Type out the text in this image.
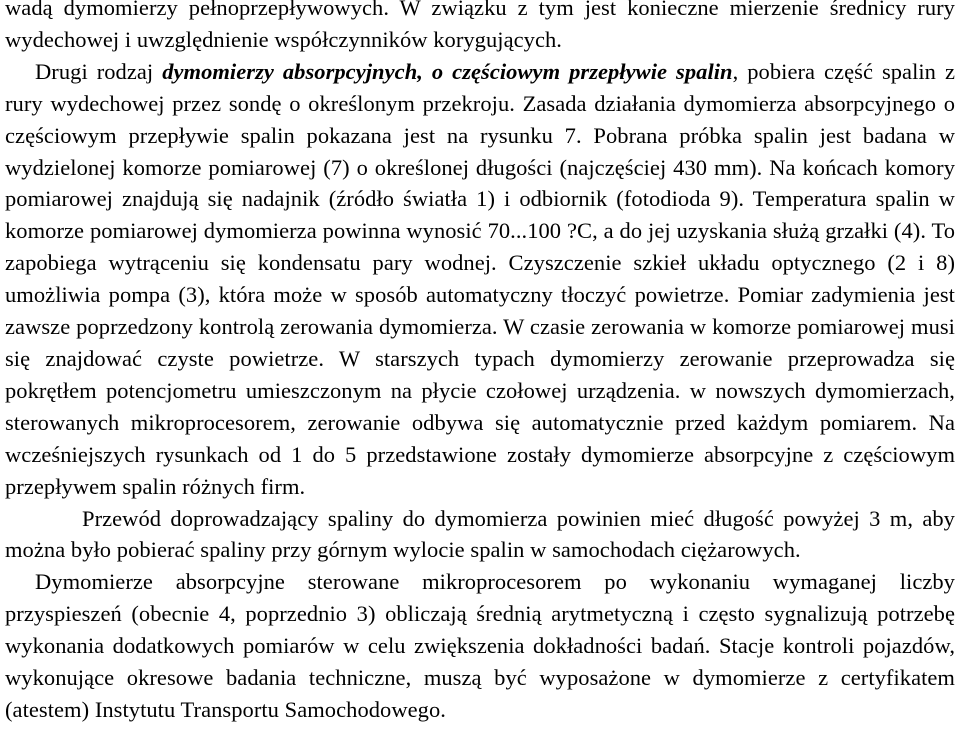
wadą dymomierzy pełnoprzepływowych. W związku z tym jest konieczne mierzenie średnicy rury wydechowej i uwzględnienie współczynników korygujących.

Drugi rodzaj dymomierzy absorpcyjnych, o częściowym przepływie spalin, pobiera część spalin z rury wydechowej przez sondę o określonym przekroju. Zasada działania dymomierza absorpcyjnego o częściowym przepływie spalin pokazana jest na rysunku 7. Pobrana próbka spalin jest badana w wydzielonej komorze pomiarowej (7) o określonej długości (najczęściej 430 mm). Na końcach komory pomiarowej znajdują się nadajnik (źródło światła 1) i odbiornik (fotodioda 9). Temperatura spalin w komorze pomiarowej dymomierza powinna wynosić 70...100 ?C, a do jej uzyskania służą grzałki (4). To zapobiega wytrąceniu się kondensatu pary wodnej. Czyszczenie szkieł układu optycznego (2 i 8) umożliwia pompa (3), która może w sposób automatyczny tłoczyć powietrze. Pomiar zadymienia jest zawsze poprzedzony kontrolą zerowania dymomierza. W czasie zerowania w komorze pomiarowej musi się znajdować czyste powietrze. W starszych typach dymomierzy zerowanie przeprowadza się pokrętłem potencjometru umieszczonym na płycie czołowej urządzenia. w nowszych dymomierzach, sterowanych mikroprocesorem, zerowanie odbywa się automatycznie przed każdym pomiarem. Na wcześniejszych rysunkach od 1 do 5 przedstawione zostały dymomierze absorpcyjne z częściowym przepływem spalin różnych firm.

Przewód doprowadzający spaliny do dymomierza powinien mieć długość powyżej 3 m, aby można było pobierać spaliny przy górnym wylocie spalin w samochodach ciężarowych.

Dymomierze absorpcyjne sterowane mikroprocesorem po wykonaniu wymaganej liczby przyspieszeń (obecnie 4, poprzednio 3) obliczają średnią arytmetyczną i często sygnalizują potrzebę wykonania dodatkowych pomiarów w celu zwiększenia dokładności badań. Stacje kontroli pojazdów, wykonujące okresowe badania techniczne, muszą być wyposażone w dymomierze z certyfikatem (atestem) Instytutu Transportu Samochodowego.
